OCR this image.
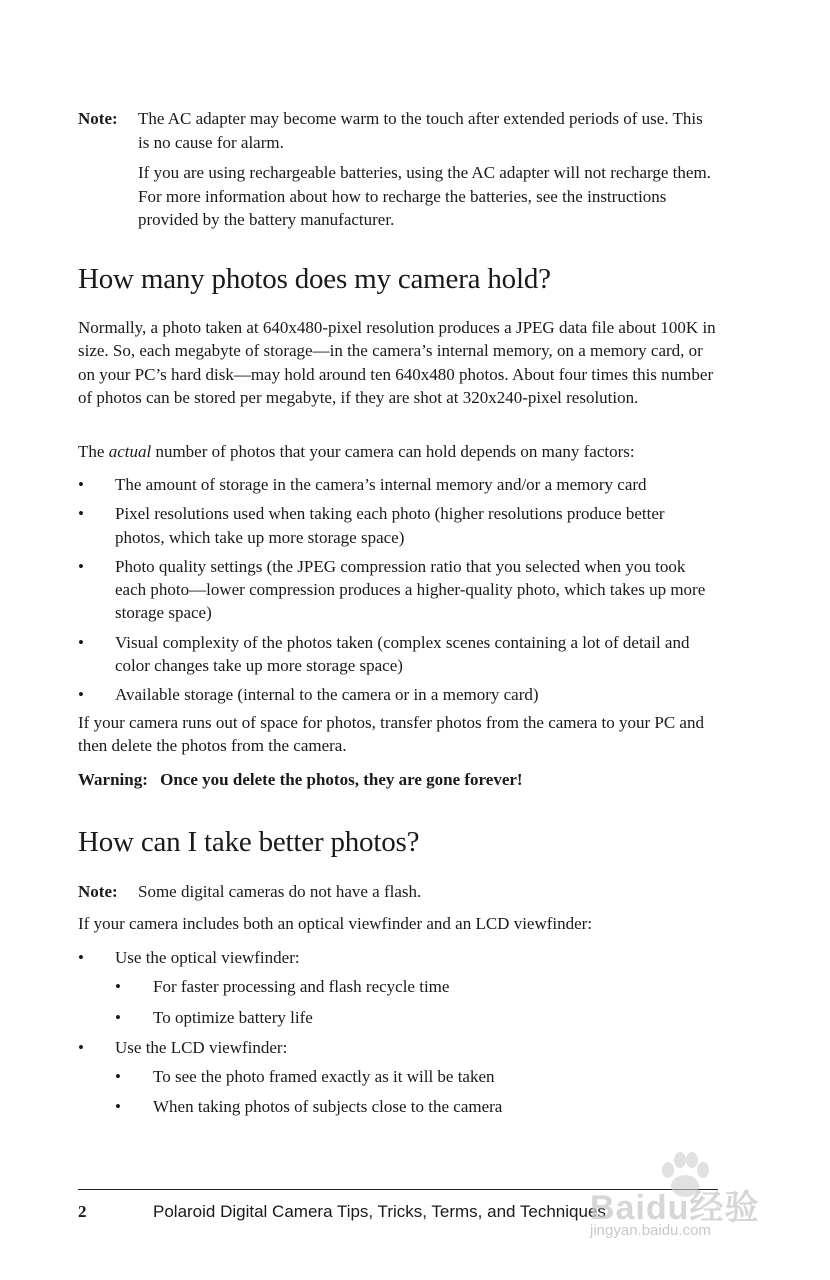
Note: The AC adapter may become warm to the touch after extended periods of use. This is no cause for alarm.

If you are using rechargeable batteries, using the AC adapter will not recharge them. For more information about how to recharge the batteries, see the instructions provided by the battery manufacturer.

How many photos does my camera hold?

Normally, a photo taken at 640x480-pixel resolution produces a JPEG data file about 100K in size. So, each megabyte of storage—in the camera’s internal memory, on a memory card, or on your PC’s hard disk—may hold around ten 640x480 photos. About four times this number of photos can be stored per megabyte, if they are shot at 320x240-pixel resolution.

The actual number of photos that your camera can hold depends on many factors:

• The amount of storage in the camera’s internal memory and/or a memory card
• Pixel resolutions used when taking each photo (higher resolutions produce better photos, which take up more storage space)
• Photo quality settings (the JPEG compression ratio that you selected when you took each photo—lower compression produces a higher-quality photo, which takes up more storage space)
• Visual complexity of the photos taken (complex scenes containing a lot of detail and color changes take up more storage space)
• Available storage (internal to the camera or in a memory card)

If your camera runs out of space for photos, transfer photos from the camera to your PC and then delete the photos from the camera.

Warning: Once you delete the photos, they are gone forever!
How can I take better photos?
Note: Some digital cameras do not have a flash.

If your camera includes both an optical viewfinder and an LCD viewfinder:

• Use the optical viewfinder:
• For faster processing and flash recycle time
• To optimize battery life
• Use the LCD viewfinder:
• To see the photo framed exactly as it will be taken
• When taking photos of subjects close to the camera
2	Polaroid Digital Camera Tips, Tricks, Terms, and Techniques
Baidu经验
jingyan.baidu.com
